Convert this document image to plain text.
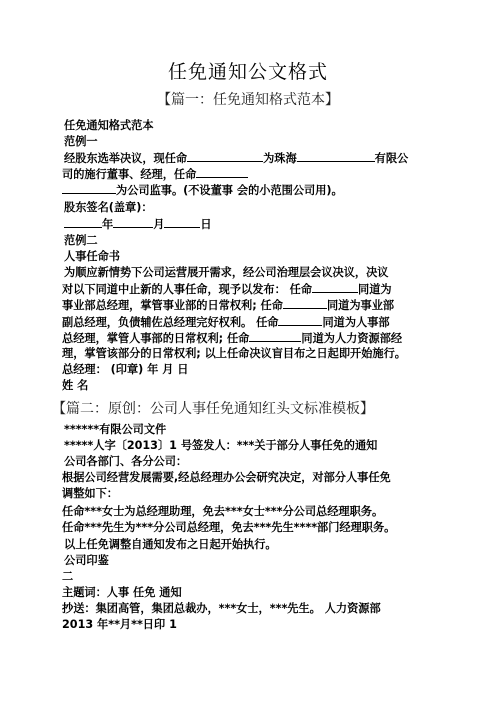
任免通知公文格式
【篇一：任免通知格式范本】
任免通知格式范本
范例一
经股东选举决议，现任命	为珠海	有限公
司的施行董事、经理，任命
为公司监事。(不设董事 会的小范围公司用)。
股东签名(盖章)：
年	月	日
范例二
人事任命书
为顺应新情势下公司运营展开需求，经公司治理层会议决议，决议
对以下同道中止新的人事任命，现予以发布： 任命	同道为
事业部总经理，掌管事业部的日常权利; 任命	同道为事业部
副总经理，负债辅佐总经理完好权利。 任命	同道为人事部
总经理，掌管人事部的日常权利; 任命	同道为人力资源部经
理，掌管该部分的日常权利; 以上任命决议盲目布之日起即开始施行。
总经理： (印章) 年 月 日
姓 名
【篇二：原创：公司人事任免通知红头文标准模板】
******有限公司文件
*****人字〔2013〕1 号签发人：***关于部分人事任免的通知
公司各部门、各分公司：
根据公司经营发展需要,经总经理办公会研究决定，对部分人事任免
调整如下：
任命***女士为总经理助理，免去***女士***分公司总经理职务。
任命***先生为***分公司总经理，免去***先生****部门经理职务。
以上任免调整自通知发布之日起开始执行。
公司印鉴
二
主题词：人事 任免 通知
抄送：集团高管，集团总裁办，***女士，***先生。 人力资源部
2013 年**月**日印 1
